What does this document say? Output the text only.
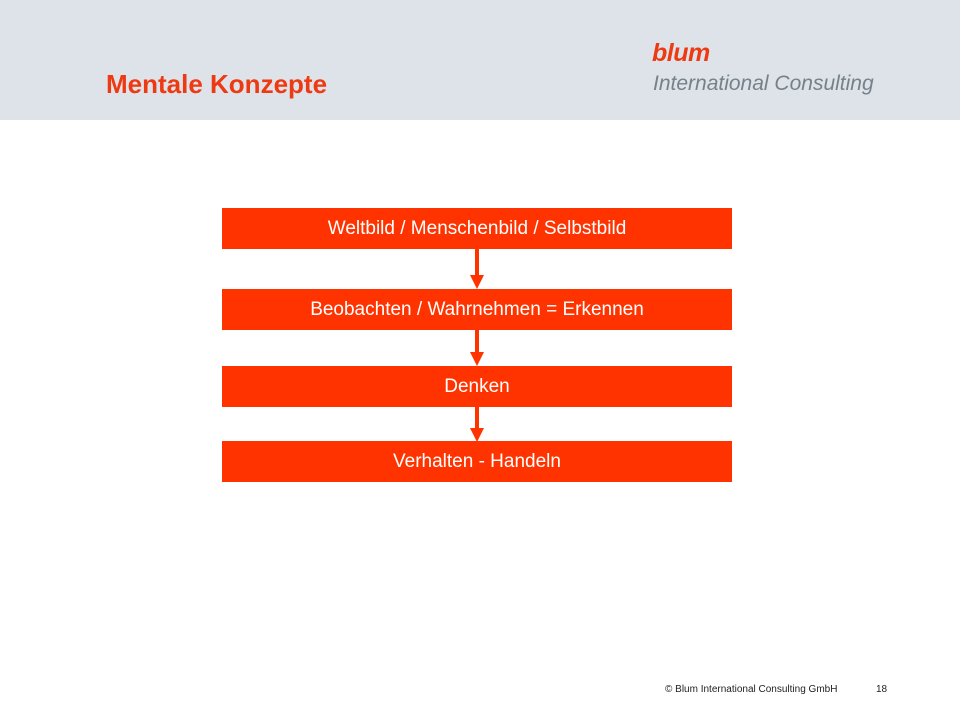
Mentale Konzepte
blum
International Consulting
Weltbild / Menschenbild / Selbstbild
Beobachten / Wahrnehmen = Erkennen
Denken
Verhalten - Handeln
© Blum International Consulting GmbH	18
